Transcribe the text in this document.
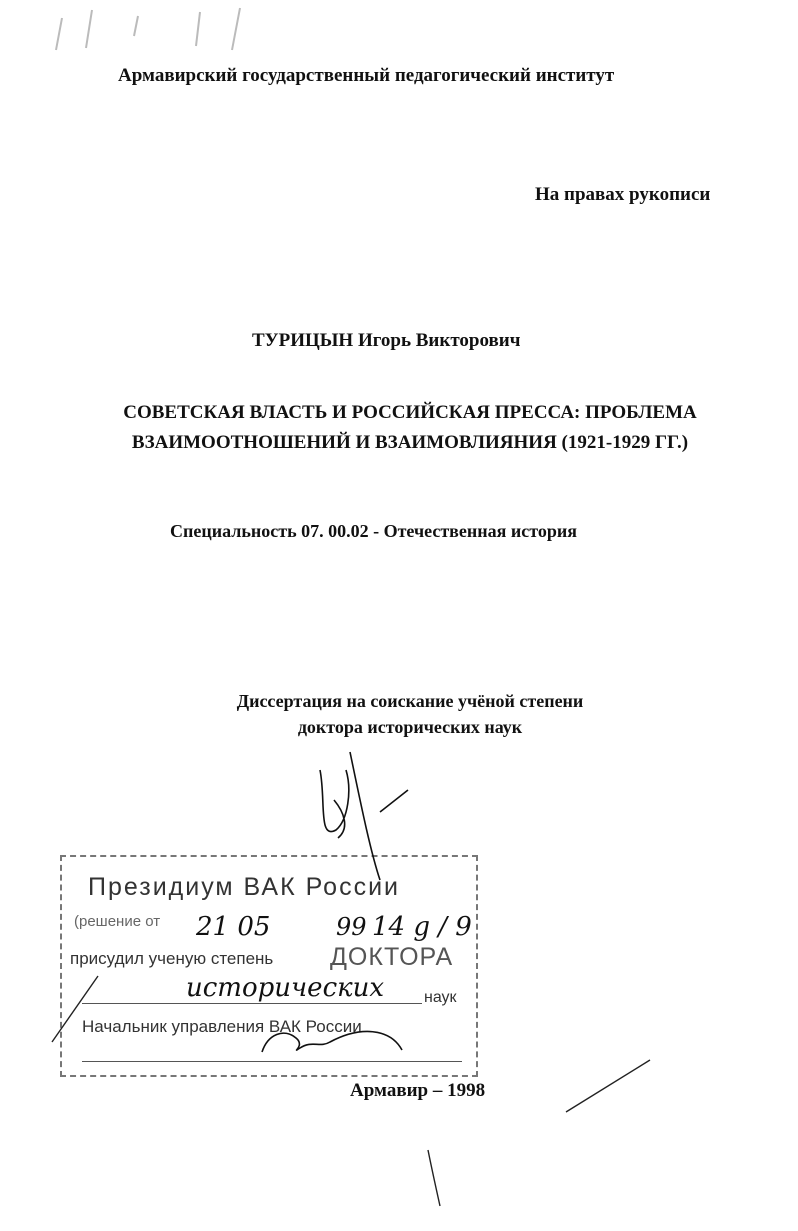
Армавирский государственный педагогический институт
На правах рукописи
ТУРИЦЫН Игорь Викторович
СОВЕТСКАЯ ВЛАСТЬ И РОССИЙСКАЯ ПРЕССА: ПРОБЛЕМА
ВЗАИМООТНОШЕНИЙ И ВЗАИМОВЛИЯНИЯ (1921-1929 ГГ.)
Специальность 07. 00.02 - Отечественная история
Диссертация на соискание учёной степени
доктора исторических наук
Президиум ВАК России
(решение от
присудил ученую степень ДОКТОРА
наук
Начальник управления ВАК России
Армавир – 1998
21 05	99 14 g / 9
исторических
